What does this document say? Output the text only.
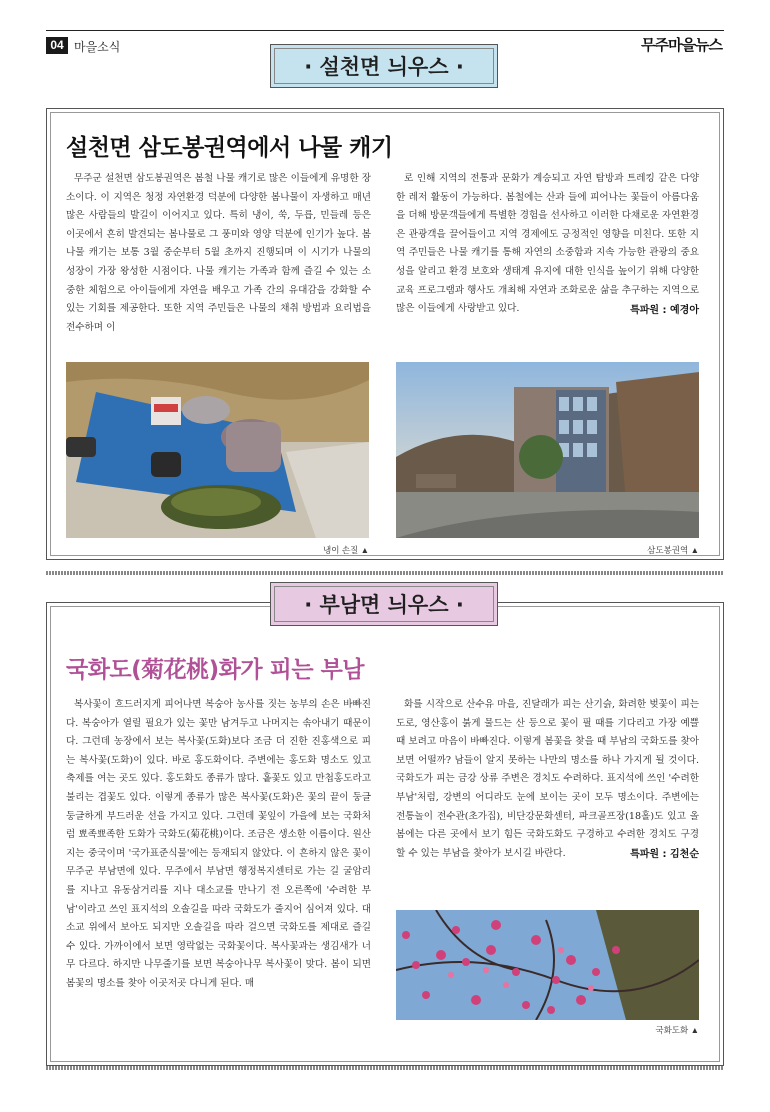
04 마을소식	무주마을뉴스
· 설천면 늬우스 ·
설천면 삼도봉권역에서 나물 캐기

무주군 설천면 삼도봉권역은 봄철 나물 캐기로 많은 이들에게 유명한 장소이다. 이 지역은 청정 자연환경 덕분에 다양한 봄나물이 자생하고 매년 많은 사람들의 발길이 이어지고 있다. 특히 냉이, 쑥, 두릅, 민들레 등은 이곳에서 흔히 발견되는 봄나물로 그 풍미와 영양 덕분에 인기가 높다. 봄나물 캐기는 보통 3월 중순부터 5월 초까지 진행되며 이 시기가 나물의 성장이 가장 왕성한 시점이다. 나물 캐기는 가족과 함께 즐길 수 있는 소중한 체험으로 아이들에게 자연을 배우고 가족 간의 유대감을 강화할 수 있는 기회를 제공한다. 또한 지역 주민들은 나물의 채취 방법과 요리법을 전수하며 이

로 인해 지역의 전통과 문화가 계승되고 자연 탐방과 트레킹 같은 다양한 레저 활동이 가능하다. 봄철에는 산과 들에 피어나는 꽃들이 아름다움을 더해 방문객들에게 특별한 경험을 선사하고 이러한 다채로운 자연환경은 관광객을 끌어들이고 지역 경제에도 긍정적인 영향을 미친다. 또한 지역 주민들은 나물 캐기를 통해 자연의 소중함과 지속 가능한 관광의 중요성을 알리고 환경 보호와 생태계 유지에 대한 인식을 높이기 위해 다양한 교육 프로그램과 행사도 개최해 자연과 조화로운 삶을 추구하는 지역으로 많은 이들에게 사랑받고 있다.	특파원 : 예경아
냉이 손질 ▲	삼도봉권역 ▲
· 부남면 늬우스 ·
국화도(菊花桃)화가 피는 부남

복사꽃이 흐드러지게 피어나면 복숭아 농사를 짓는 농부의 손은 바빠진다. 복숭아가 열릴 필요가 있는 꽃만 남겨두고 나머지는 솎아내기 때문이다. 그런데 농장에서 보는 복사꽃(도화)보다 조금 더 진한 진홍색으로 피는 복사꽃(도화)이 있다. 바로 홍도화이다. 주변에는 홍도화 명소도 있고 축제를 여는 곳도 있다. 홍도화도 종류가 많다. 홑꽃도 있고 만첩홍도라고 불리는 겹꽃도 있다. 이렇게 종류가 많은 복사꽃(도화)은 꽃의 끝이 둥글둥글하게 부드러운 선을 가지고 있다. 그런데 꽃잎이 가을에 보는 국화처럼 뾰족뾰족한 도화가 국화도(菊花桃)이다. 조금은 생소한 이름이다. 원산지는 중국이며 '국가표준식물'에는 등재되지 않았다. 이 흔하지 않은 꽃이 무주군 부남면에 있다. 무주에서 부남면 행정복지센터로 가는 길 굴암리를 지나고 유동삼거리를 지나 대소교를 만나기 전 오른쪽에 '수려한 부남'이라고 쓰인 표지석의 오솔길을 따라 국화도가 줄지어 심어져 있다. 대소교 위에서 보아도 되지만 오솔길을 따라 걸으면 국화도를 제대로 즐길 수 있다. 가까이에서 보면 영락없는 국화꽃이다. 복사꽃과는 생김새가 너무 다르다. 하지만 나무줄기를 보면 복숭아나무 복사꽃이 맞다. 봄이 되면 봄꽃의 명소를 찾아 이곳저곳 다니게 된다. 매

화를 시작으로 산수유 마을, 진달래가 피는 산기슭, 화려한 벚꽃이 피는 도로, 영산홍이 붉게 물드는 산 등으로 꽃이 필 때를 기다리고 가장 예쁠 때 보려고 마음이 바빠진다. 이렇게 봄꽃을 찾을 때 부남의 국화도를 찾아보면 어떨까? 남들이 알지 못하는 나만의 명소를 하나 가지게 될 것이다. 국화도가 피는 금강 상류 주변은 경치도 수려하다. 표지석에 쓰인 '수려한 부남'처럼, 강변의 어디라도 눈에 보이는 곳이 모두 명소이다. 주변에는 전통놀이 전수관(초가집), 비단강문화센터, 파크골프장(18홀)도 있고 올봄에는 다른 곳에서 보기 힘든 국화도화도 구경하고 수려한 경치도 구경할 수 있는 부남을 찾아가 보시길 바란다.	특파원 : 김천순
국화도화 ▲
